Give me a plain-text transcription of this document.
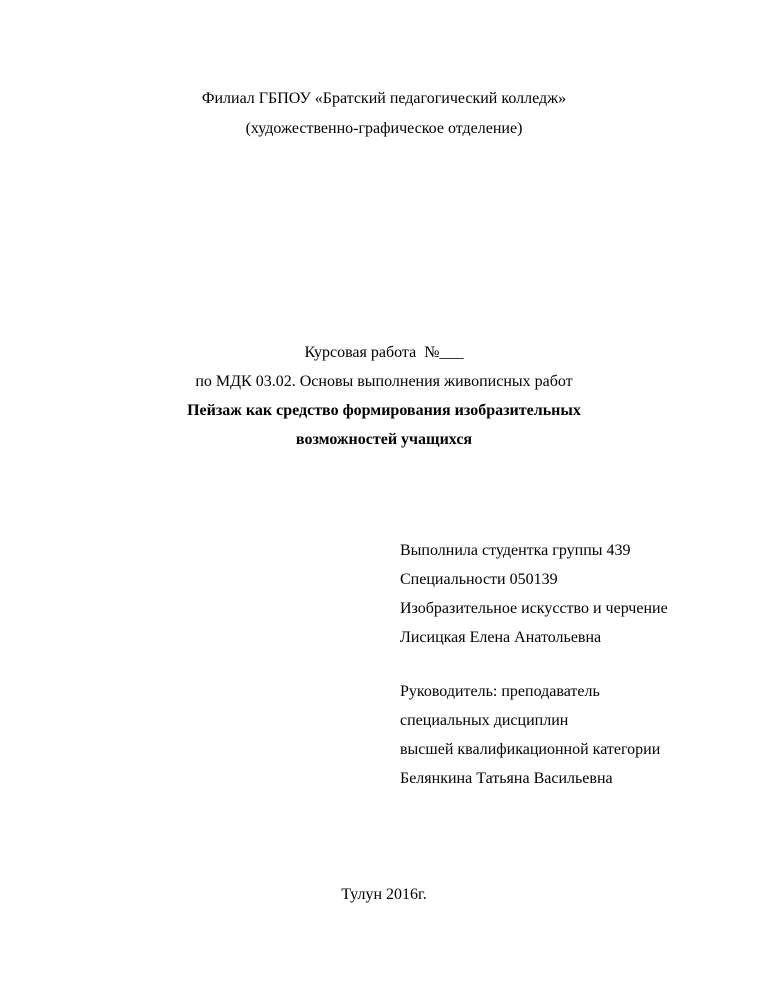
Филиал ГБПОУ «Братский педагогический колледж»
(художественно-графическое отделение)
Курсовая работа  №___
по МДК 03.02. Основы выполнения живописных работ
Пейзаж как средство формирования изобразительных
возможностей учащихся
Выполнила студентка группы 439
Специальности 050139
Изобразительное искусство и черчение
Лисицкая Елена Анатольевна
Руководитель: преподаватель
специальных дисциплин
высшей квалификационной категории
Белянкина Татьяна Васильевна
Тулун 2016г.
